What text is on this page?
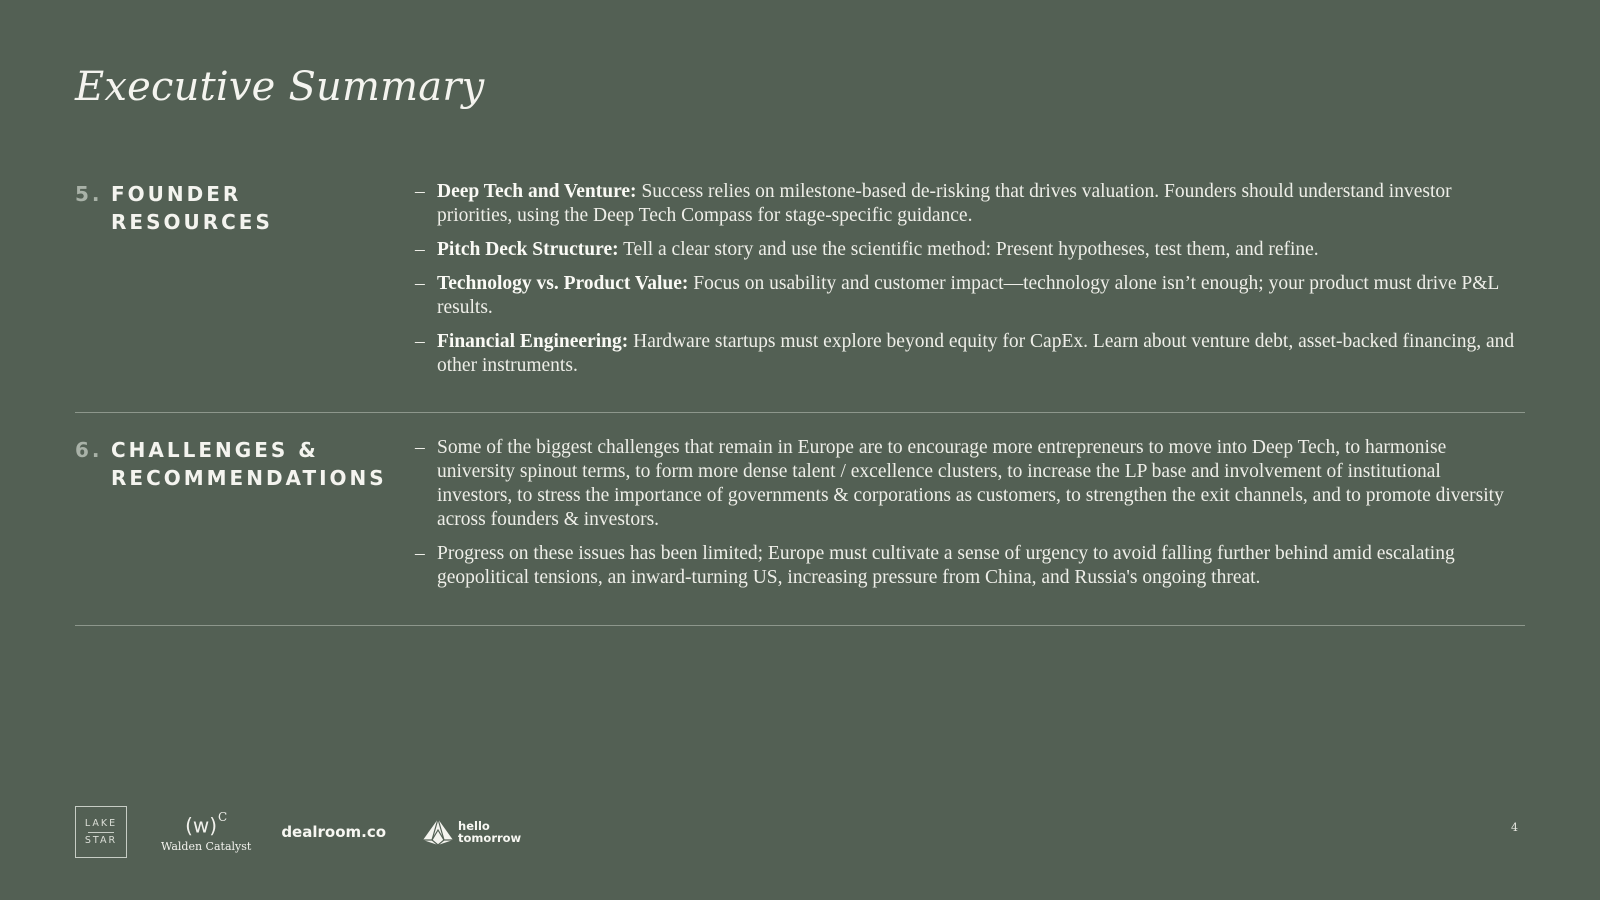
Executive Summary
5. FOUNDER RESOURCES
– Deep Tech and Venture: Success relies on milestone-based de-risking that drives valuation. Founders should understand investor priorities, using the Deep Tech Compass for stage-specific guidance.
– Pitch Deck Structure: Tell a clear story and use the scientific method: Present hypotheses, test them, and refine.
– Technology vs. Product Value: Focus on usability and customer impact—technology alone isn’t enough; your product must drive P&L results.
– Financial Engineering: Hardware startups must explore beyond equity for CapEx. Learn about venture debt, asset-backed financing, and other instruments.
6. CHALLENGES &
RECOMMENDATIONS
– Some of the biggest challenges that remain in Europe are to encourage more entrepreneurs to move into Deep Tech, to harmonise university spinout terms, to form more dense talent / excellence clusters, to increase the LP base and involvement of institutional investors, to stress the importance of governments & corporations as customers, to strengthen the exit channels, and to promote diversity across founders & investors.
– Progress on these issues has been limited; Europe must cultivate a sense of urgency to avoid falling further behind amid escalating geopolitical tensions, an inward-turning US, increasing pressure from China, and Russia's ongoing threat.
LAKE
STAR
$(w)^C$
Walden Catalyst
dealroom.co	hello
tomorrow
4
